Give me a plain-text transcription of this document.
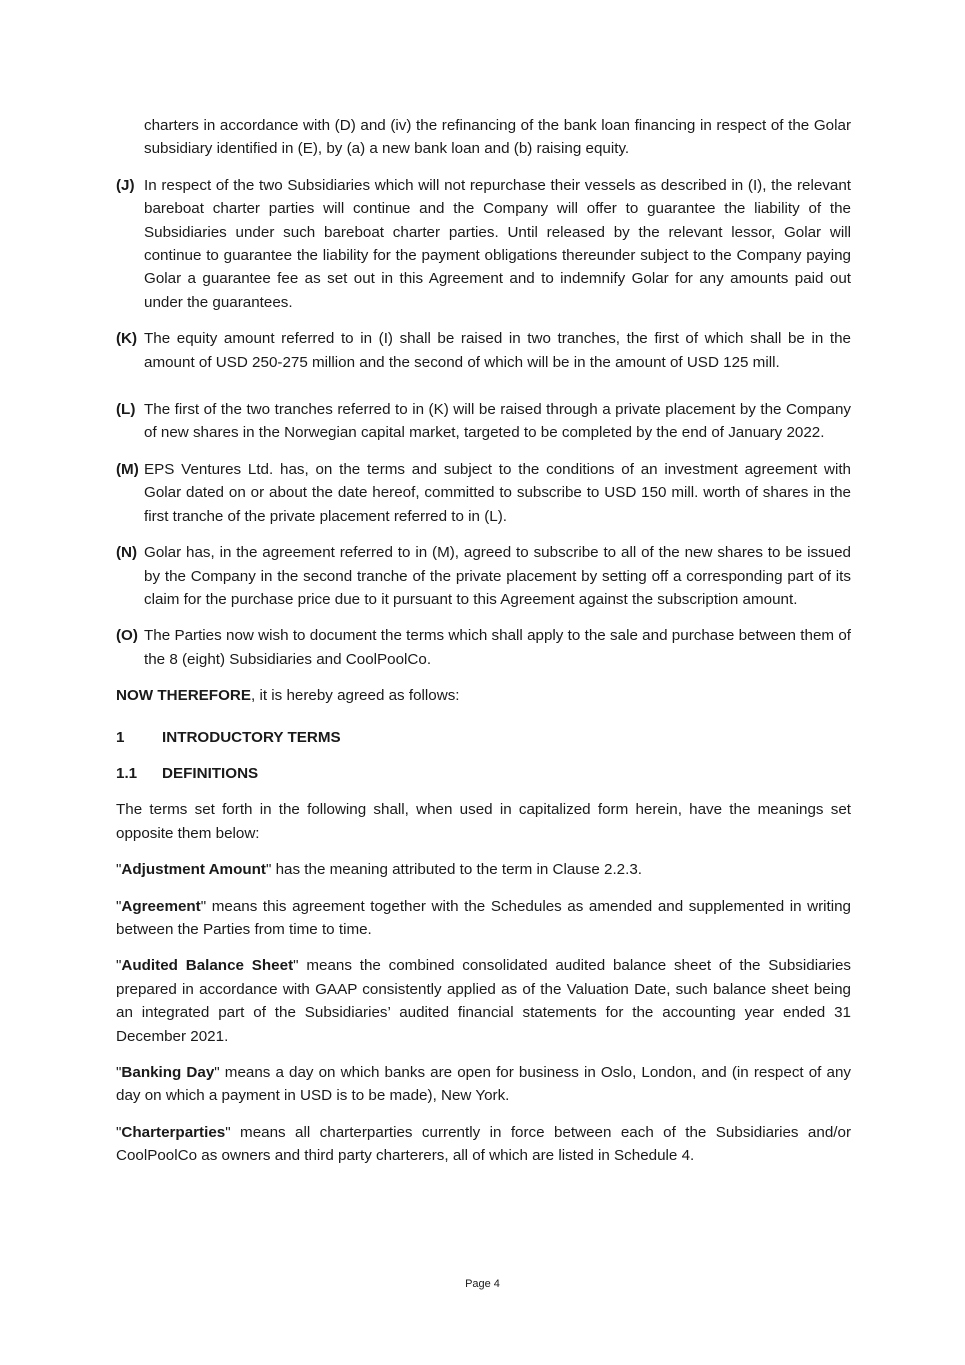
charters in accordance with (D) and (iv) the refinancing of the bank loan financing in respect of the Golar subsidiary identified in (E), by (a) a new bank loan and (b) raising equity.

(J) In respect of the two Subsidiaries which will not repurchase their vessels as described in (I), the relevant bareboat charter parties will continue and the Company will offer to guarantee the liability of the Subsidiaries under such bareboat charter parties. Until released by the relevant lessor, Golar will continue to guarantee the liability for the payment obligations thereunder subject to the Company paying Golar a guarantee fee as set out in this Agreement and to indemnify Golar for any amounts paid out under the guarantees.
(K) The equity amount referred to in (I) shall be raised in two tranches, the first of which shall be in the amount of USD 250-275 million and the second of which will be in the amount of USD 125 mill.
(L) The first of the two tranches referred to in (K) will be raised through a private placement by the Company of new shares in the Norwegian capital market, targeted to be completed by the end of January 2022.
(M) EPS Ventures Ltd. has, on the terms and subject to the conditions of an investment agreement with Golar dated on or about the date hereof, committed to subscribe to USD 150 mill. worth of shares in the first tranche of the private placement referred to in (L).
(N) Golar has, in the agreement referred to in (M), agreed to subscribe to all of the new shares to be issued by the Company in the second tranche of the private placement by setting off a corresponding part of its claim for the purchase price due to it pursuant to this Agreement against the subscription amount.
(O) The Parties now wish to document the terms which shall apply to the sale and purchase between them of the 8 (eight) Subsidiaries and CoolPoolCo.

NOW THEREFORE, it is hereby agreed as follows:

1	INTRODUCTORY TERMS
1.1	DEFINITIONS

The terms set forth in the following shall, when used in capitalized form herein, have the meanings set opposite them below:

"Adjustment Amount" has the meaning attributed to the term in Clause 2.2.3.

"Agreement" means this agreement together with the Schedules as amended and supplemented in writing between the Parties from time to time.

"Audited Balance Sheet" means the combined consolidated audited balance sheet of the Subsidiaries prepared in accordance with GAAP consistently applied as of the Valuation Date, such balance sheet being an integrated part of the Subsidiaries’ audited financial statements for the accounting year ended 31 December 2021.

"Banking Day" means a day on which banks are open for business in Oslo, London, and (in respect of any day on which a payment in USD is to be made), New York.

"Charterparties" means all charterparties currently in force between each of the Subsidiaries and/or CoolPoolCo as owners and third party charterers, all of which are listed in Schedule 4.

Page 4
